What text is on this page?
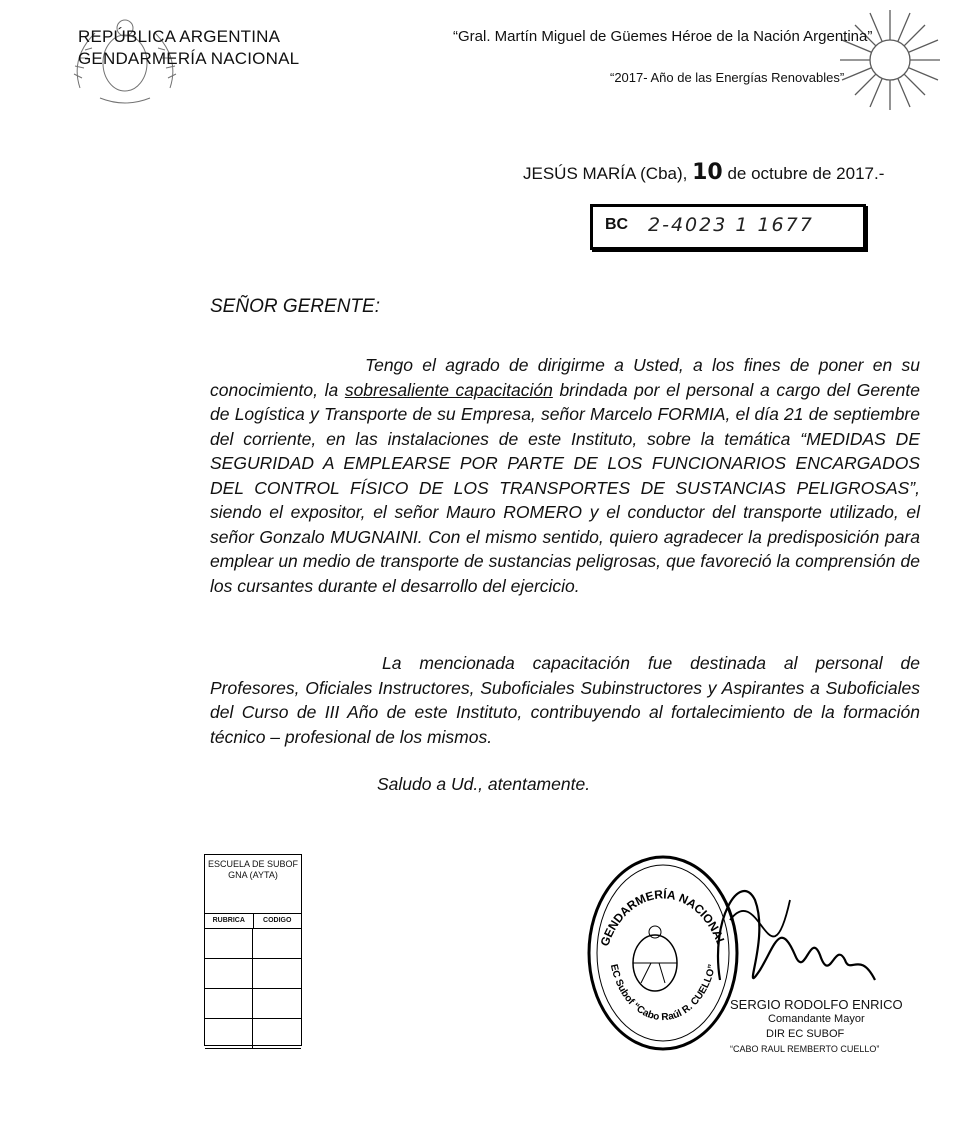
REPÚBLICA ARGENTINA
GENDARMERÍA NACIONAL
“Gral. Martín Miguel de Güemes Héroe de la Nación Argentina”
“2017- Año de las Energías Renovables”
JESÚS MARÍA (Cba), 10 de octubre de 2017.-
BC 2-4023 1 1677
SEÑOR GERENTE:
Tengo el agrado de dirigirme a Usted, a los fines de poner en su conocimiento, la sobresaliente capacitación brindada por el personal a cargo del Gerente de Logística y Transporte de su Empresa, señor Marcelo FORMIA, el día 21 de septiembre del corriente, en las instalaciones de este Instituto, sobre la temática “MEDIDAS DE SEGURIDAD A EMPLEARSE POR PARTE DE LOS FUNCIONARIOS ENCARGADOS DEL CONTROL FÍSICO DE LOS TRANSPORTES DE SUSTANCIAS PELIGROSAS”, siendo el expositor, el señor Mauro ROMERO y el conductor del transporte utilizado, el señor Gonzalo MUGNAINI. Con el mismo sentido, quiero agradecer la predisposición para emplear un medio de transporte de sustancias peligrosas, que favoreció la comprensión de los cursantes durante el desarrollo del ejercicio.
La mencionada capacitación fue destinada al personal de Profesores, Oficiales Instructores, Suboficiales Subinstructores y Aspirantes a Suboficiales del Curso de III Año de este Instituto, contribuyendo al fortalecimiento de la formación técnico – profesional de los mismos.
Saludo a Ud., atentamente.
ESCUELA DE SUBOF GNA (AYTA)
RUBRICA	CODIGO
GENDARMERÍA NACIONAL
EC Subof “Cabo Raúl R. CUELLO”
SERGIO RODOLFO ENRICO
Comandante Mayor
DIR EC SUBOF
“CABO RAUL REMBERTO CUELLO”
